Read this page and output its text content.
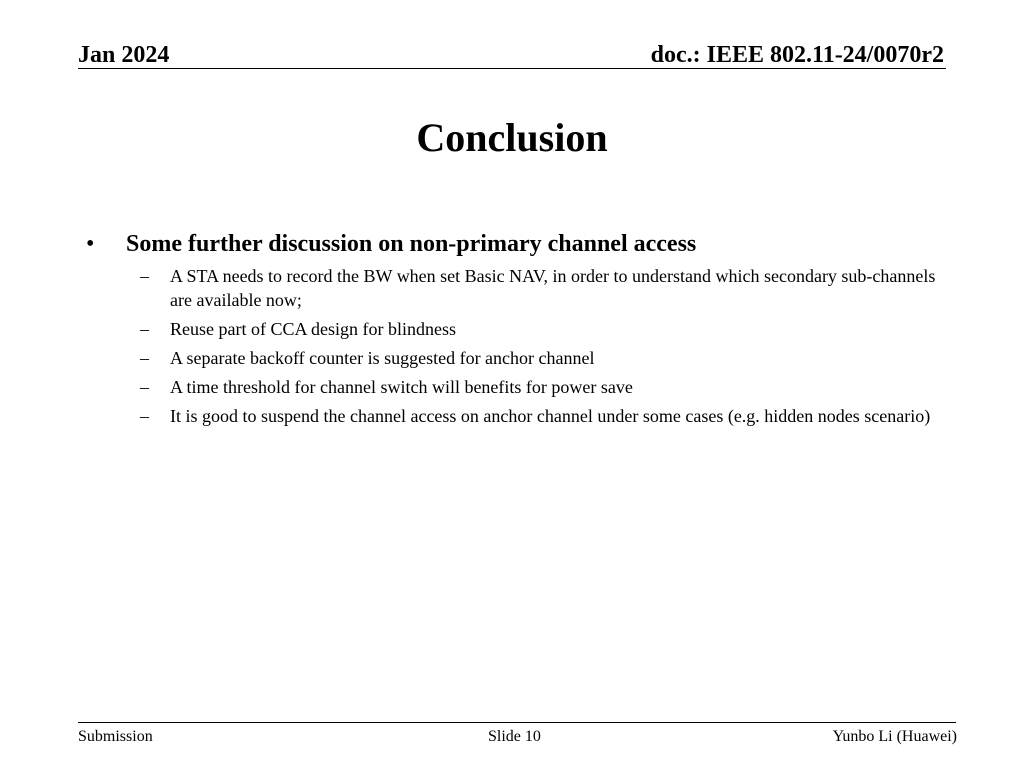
Jan 2024	doc.: IEEE 802.11-24/0070r2
Conclusion
•	Some further discussion on non-primary channel access
– A STA needs to record the BW when set Basic NAV, in order to understand which secondary sub-channels are available now;
– Reuse part of CCA design for blindness
– A separate backoff counter is suggested for anchor channel
– A time threshold for channel switch will benefits for power save
– It is good to suspend the channel access on anchor channel under some cases (e.g. hidden nodes scenario)
Submission	Slide 10	Yunbo Li (Huawei)
